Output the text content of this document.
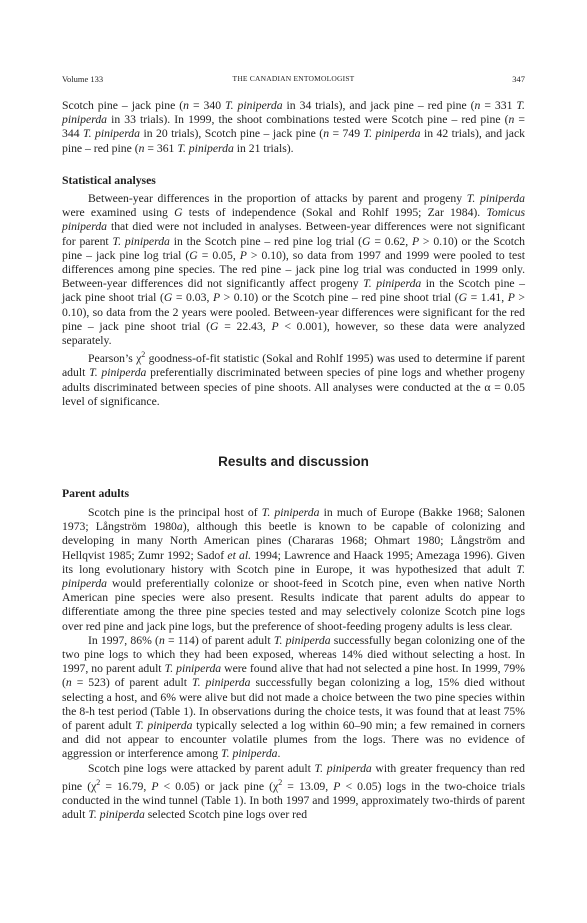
Volume 133	THE CANADIAN ENTOMOLOGIST	347

Scotch pine – jack pine (n = 340 T. piniperda in 34 trials), and jack pine – red pine (n = 331 T. piniperda in 33 trials). In 1999, the shoot combinations tested were Scotch pine – red pine (n = 344 T. piniperda in 20 trials), Scotch pine – jack pine (n = 749 T. piniperda in 42 trials), and jack pine – red pine (n = 361 T. piniperda in 21 trials).

Statistical analyses

Between-year differences in the proportion of attacks by parent and progeny T. piniperda were examined using G tests of independence (Sokal and Rohlf 1995; Zar 1984). Tomicus piniperda that died were not included in analyses. Between-year differences were not significant for parent T. piniperda in the Scotch pine – red pine log trial (G = 0.62, P > 0.10) or the Scotch pine – jack pine log trial (G = 0.05, P > 0.10), so data from 1997 and 1999 were pooled to test differences among pine species. The red pine – jack pine log trial was conducted in 1999 only. Between-year differences did not significantly affect progeny T. piniperda in the Scotch pine – jack pine shoot trial (G = 0.03, P > 0.10) or the Scotch pine – red pine shoot trial (G = 1.41, P > 0.10), so data from the 2 years were pooled. Between-year differences were significant for the red pine – jack pine shoot trial (G = 22.43, P < 0.001), however, so these data were analyzed separately.

Pearson’s $\chi^2$ goodness-of-fit statistic (Sokal and Rohlf 1995) was used to determine if parent adult T. piniperda preferentially discriminated between species of pine logs and whether progeny adults discriminated between species of pine shoots. All analyses were conducted at the α = 0.05 level of significance.

Results and discussion
Parent adults

Scotch pine is the principal host of T. piniperda in much of Europe (Bakke 1968; Salonen 1973; Långström 1980a), although this beetle is known to be capable of colonizing and developing in many North American pines (Chararas 1968; Ohmart 1980; Långström and Hellqvist 1985; Zumr 1992; Sadof et al. 1994; Lawrence and Haack 1995; Amezaga 1996). Given its long evolutionary history with Scotch pine in Europe, it was hypothesized that adult T. piniperda would preferentially colonize or shoot-feed in Scotch pine, even when native North American pine species were also present. Results indicate that parent adults do appear to differentiate among the three pine species tested and may selectively colonize Scotch pine logs over red pine and jack pine logs, but the preference of shoot-feeding progeny adults is less clear.

In 1997, 86% (n = 114) of parent adult T. piniperda successfully began colonizing one of the two pine logs to which they had been exposed, whereas 14% died without selecting a host. In 1997, no parent adult T. piniperda were found alive that had not selected a pine host. In 1999, 79% (n = 523) of parent adult T. piniperda successfully began colonizing a log, 15% died without selecting a host, and 6% were alive but did not made a choice between the two pine species within the 8-h test period (Table 1). In observations during the choice tests, it was found that at least 75% of parent adult T. piniperda typically selected a log within 60–90 min; a few remained in corners and did not appear to encounter volatile plumes from the logs. There was no evidence of aggression or interference among T. piniperda.

Scotch pine logs were attacked by parent adult T. piniperda with greater frequency than red pine ($\chi^2 = 16.79$, P < 0.05) or jack pine ($\chi^2 = 13.09$, P < 0.05) logs in the two-choice trials conducted in the wind tunnel (Table 1). In both 1997 and 1999, approximately two-thirds of parent adult T. piniperda selected Scotch pine logs over red
